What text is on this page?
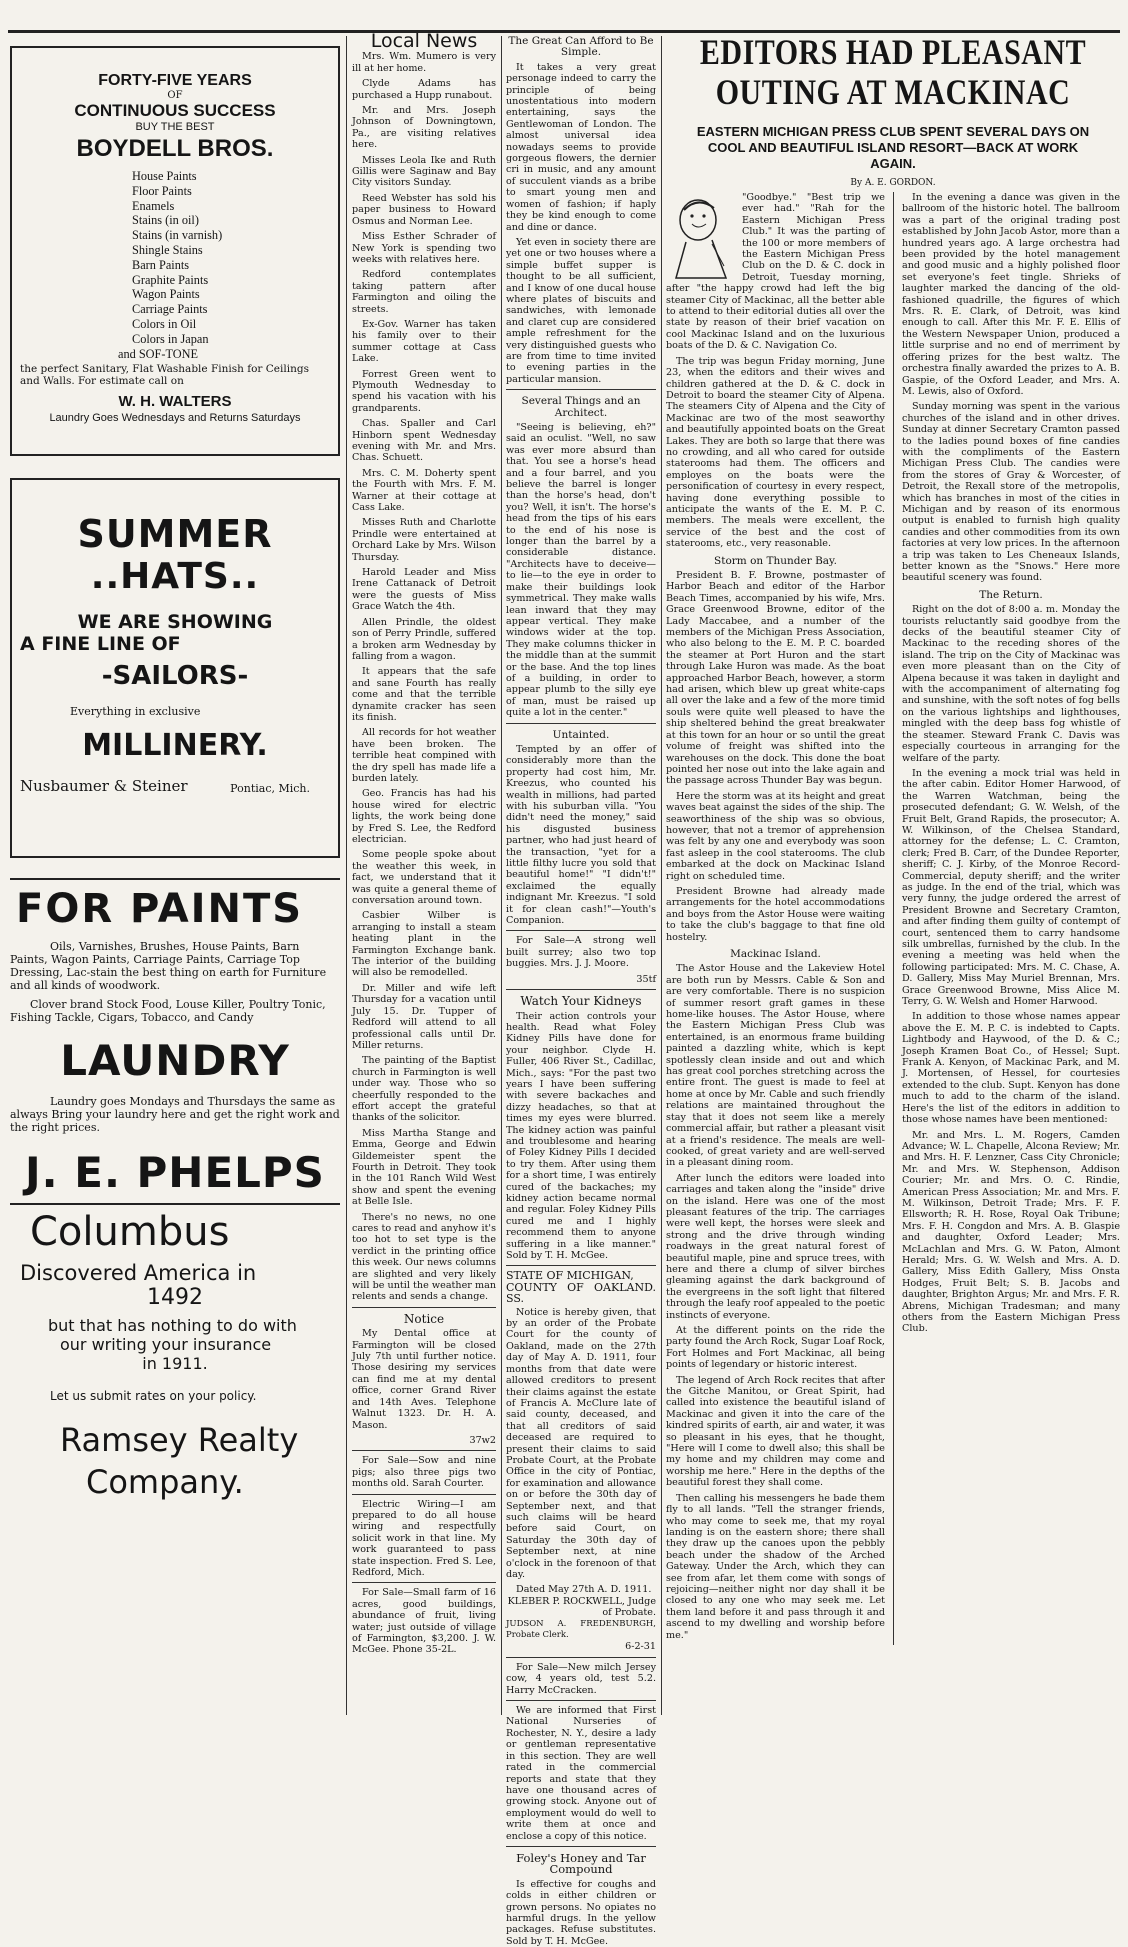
FORTY-FIVE YEARS
OF
CONTINUOUS SUCCESS
BUY THE BEST
BOYDELL BROS.
House Paints
Floor Paints
Enamels
Stains (in oil)
Stains (in varnish)
Shingle Stains
Barn Paints
Graphite Paints
Wagon Paints
Carriage Paints
Colors in Oil
Colors in Japan
and SOF-TONE
the perfect Sanitary, Flat Washable Finish for Ceilings and Walls. For estimate call on
W. H. WALTERS
Laundry Goes Wednesdays and Returns Saturdays
SUMMER
..HATS..
WE ARE SHOWING
A FINE LINE OF
-SAILORS-
Everything in exclusive
MILLINERY.
Nusbaumer & Steiner	Pontiac, Mich.
FOR PAINTS
Oils, Varnishes, Brushes, House Paints, Barn Paints, Wagon Paints, Carriage Paints, Carriage Top Dressing, Lac-stain the best thing on earth for Furniture and all kinds of woodwork.
Clover brand Stock Food, Louse Killer, Poultry Tonic, Fishing Tackle, Cigars, Tobacco, and Candy
LAUNDRY
Laundry goes Mondays and Thursdays the same as always Bring your laundry here and get the right work and the right prices.
J. E. PHELPS
Columbus
Discovered America in
1492
but that has nothing to do with
our writing your insurance
in 1911.
Let us submit rates on your policy.
Ramsey Realty
Company.
Local News

Mrs. Wm. Mumero is very ill at her home.

Clyde Adams has purchased a Hupp runabout.

Mr. and Mrs. Joseph Johnson of Downingtown, Pa., are visiting relatives here.

Misses Leola Ike and Ruth Gillis were Saginaw and Bay City visitors Sunday.

Reed Webster has sold his paper business to Howard Osmus and Norman Lee.

Miss Esther Schrader of New York is spending two weeks with relatives here.

Redford contemplates taking pattern after Farmington and oiling the streets.

Ex-Gov. Warner has taken his family over to their summer cottage at Cass Lake.

Forrest Green went to Plymouth Wednesday to spend his vacation with his grandparents.

Chas. Spaller and Carl Hinborn spent Wednesday evening with Mr. and Mrs. Chas. Schuett.

Mrs. C. M. Doherty spent the Fourth with Mrs. F. M. Warner at their cottage at Cass Lake.

Misses Ruth and Charlotte Prindle were entertained at Orchard Lake by Mrs. Wilson Thursday.

Harold Leader and Miss Irene Cattanack of Detroit were the guests of Miss Grace Watch the 4th.

Allen Prindle, the oldest son of Perry Prindle, suffered a broken arm Wednesday by falling from a wagon.

It appears that the safe and sane Fourth has really come and that the terrible dynamite cracker has seen its finish.

All records for hot weather have been broken. The terrible heat compined with the dry spell has made life a burden lately.

Geo. Francis has had his house wired for electric lights, the work being done by Fred S. Lee, the Redford electrician.

Some people spoke about the weather this week, in fact, we understand that it was quite a general theme of conversation around town.

Casbier Wilber is arranging to install a steam heating plant in the Farmington Exchange bank. The interior of the building will also be remodelled.

Dr. Miller and wife left Thursday for a vacation until July 15. Dr. Tupper of Redford will attend to all professional calls until Dr. Miller returns.

The painting of the Baptist church in Farmington is well under way. Those who so cheerfully responded to the effort accept the grateful thanks of the solicitor.

Miss Martha Stange and Emma, George and Edwin Gildemeister spent the Fourth in Detroit. They took in the 101 Ranch Wild West show and spent the evening at Belle Isle.

There's no news, no one cares to read and anyhow it's too hot to set type is the verdict in the printing office this week. Our news columns are slighted and very likely will be until the weather man relents and sends a change.

Notice

My Dental office at Farmington will be closed July 7th until further notice. Those desiring my services can find me at my dental office, corner Grand River and 14th Aves. Telephone Walnut 1323. Dr. H. A. Mason.

37w2

For Sale—Sow and nine pigs; also three pigs two months old. Sarah Courter.

Electric Wiring—I am prepared to do all house wiring and respectfully solicit work in that line. My work guaranteed to pass state inspection. Fred S. Lee, Redford, Mich.

For Sale—Small farm of 16 acres, good buildings, abundance of fruit, living water; just outside of village of Farmington, $3,200. J. W. McGee. Phone 35-2L.

The Great Can Afford to Be Simple.

It takes a very great personage indeed to carry the principle of being unostentatious into modern entertaining, says the Gentlewoman of London. The almost universal idea nowadays seems to provide gorgeous flowers, the dernier cri in music, and any amount of succulent viands as a bribe to smart young men and women of fashion; if haply they be kind enough to come and dine or dance.

Yet even in society there are yet one or two houses where a simple buffet supper is thought to be all sufficient, and I know of one ducal house where plates of biscuits and sandwiches, with lemonade and claret cup are considered ample refreshment for the very distinguished guests who are from time to time invited to evening parties in the particular mansion.

Several Things and an Architect.

"Seeing is believing, eh?" said an oculist. "Well, no saw was ever more absurd than that. You see a horse's head and a four barrel, and you believe the barrel is longer than the horse's head, don't you? Well, it isn't. The horse's head from the tips of his ears to the end of his nose is longer than the barrel by a considerable distance. "Architects have to deceive—to lie—to the eye in order to make their buildings look symmetrical. They make walls lean inward that they may appear vertical. They make windows wider at the top. They make columns thicker in the middle than at the summit or the base. And the top lines of a building, in order to appear plumb to the silly eye of man, must be raised up quite a lot in the center."

Untainted.

Tempted by an offer of considerably more than the property had cost him, Mr. Kreezus, who counted his wealth in millions, had parted with his suburban villa. "You didn't need the money," said his disgusted business partner, who had just heard of the transaction, "yet for a little filthy lucre you sold that beautiful home!" "I didn't!" exclaimed the equally indignant Mr. Kreezus. "I sold it for clean cash!"—Youth's Companion.

For Sale—A strong well built surrey; also two top buggies. Mrs. J. J. Moore.

35tf
Watch Your Kidneys

Their action controls your health. Read what Foley Kidney Pills have done for your neighbor. Clyde H. Fuller, 406 River St., Cadillac, Mich., says: "For the past two years I have been suffering with severe backaches and dizzy headaches, so that at times my eyes were blurred. The kidney action was painful and troublesome and hearing of Foley Kidney Pills I decided to try them. After using them for a short time, I was entirely cured of the backaches; my kidney action became normal and regular. Foley Kidney Pills cured me and I highly recommend them to anyone suffering in a like manner." Sold by T. H. McGee.

STATE OF MICHIGAN,
COUNTY OF OAKLAND. SS.

Notice is hereby given, that by an order of the Probate Court for the county of Oakland, made on the 27th day of May A. D. 1911, four months from that date were allowed creditors to present their claims against the estate of Francis A. McClure late of said county, deceased, and that all creditors of said deceased are required to present their claims to said Probate Court, at the Probate Office in the city of Pontiac, for examination and allowance on or before the 30th day of September next, and that such claims will be heard before said Court, on Saturday the 30th day of September next, at nine o'clock in the forenoon of that day.

Dated May 27th A. D. 1911.
KLEBER P. ROCKWELL, Judge of Probate.
JUDSON A. FREDENBURGH, Probate Clerk.
6-2-31

For Sale—New milch Jersey cow, 4 years old, test 5.2. Harry McCracken.

We are informed that First National Nurseries of Rochester, N. Y., desire a lady or gentleman representative in this section. They are well rated in the commercial reports and state that they have one thousand acres of growing stock. Anyone out of employment would do well to write them at once and enclose a copy of this notice.

Foley's Honey and Tar Compound

Is effective for coughs and colds in either children or grown persons. No opiates no harmful drugs. In the yellow packages. Refuse substitutes. Sold by T. H. McGee.

EDITORS HAD PLEASANT
OUTING AT MACKINAC
EASTERN MICHIGAN PRESS CLUB SPENT SEVERAL DAYS ON COOL AND BEAUTIFUL ISLAND RESORT—BACK AT WORK AGAIN.
By A. E. GORDON.

"Goodbye." "Best trip we ever had." "Rah for the Eastern Michigan Press Club." It was the parting of the 100 or more members of the Eastern Michigan Press Club on the D. & C. dock in Detroit, Tuesday morning, after "the happy crowd had left the big steamer City of Mackinac, all the better able to attend to their editorial duties all over the state by reason of their brief vacation on cool Mackinac Island and on the luxurious boats of the D. & C. Navigation Co.

The trip was begun Friday morning, June 23, when the editors and their wives and children gathered at the D. & C. dock in Detroit to board the steamer City of Alpena. The steamers City of Alpena and the City of Mackinac are two of the most seaworthy and beautifully appointed boats on the Great Lakes. They are both so large that there was no crowding, and all who cared for outside staterooms had them. The officers and employes on the boats were the personification of courtesy in every respect, having done everything possible to anticipate the wants of the E. M. P. C. members. The meals were excellent, the service of the best and the cost of staterooms, etc., very reasonable.

Storm on Thunder Bay.

President B. F. Browne, postmaster of Harbor Beach and editor of the Harbor Beach Times, accompanied by his wife, Mrs. Grace Greenwood Browne, editor of the Lady Maccabee, and a number of the members of the Michigan Press Association, who also belong to the E. M. P. C. boarded the steamer at Port Huron and the start through Lake Huron was made. As the boat approached Harbor Beach, however, a storm had arisen, which blew up great white-caps all over the lake and a few of the more timid souls were quite well pleased to have the ship sheltered behind the great breakwater at this town for an hour or so until the great volume of freight was shifted into the warehouses on the dock. This done the boat pointed her nose out into the lake again and the passage across Thunder Bay was begun.

Here the storm was at its height and great waves beat against the sides of the ship. The seaworthiness of the ship was so obvious, however, that not a tremor of apprehension was felt by any one and everybody was soon fast asleep in the cool staterooms. The club embarked at the dock on Mackinac Island right on scheduled time.

President Browne had already made arrangements for the hotel accommodations and boys from the Astor House were waiting to take the club's baggage to that fine old hostelry.

Mackinac Island.

The Astor House and the Lakeview Hotel are both run by Messrs. Cable & Son and are very comfortable. There is no suspicion of summer resort graft games in these home-like houses. The Astor House, where the Eastern Michigan Press Club was entertained, is an enormous frame building painted a dazzling white, which is kept spotlessly clean inside and out and which has great cool porches stretching across the entire front. The guest is made to feel at home at once by Mr. Cable and such friendly relations are maintained throughout the stay that it does not seem like a merely commercial affair, but rather a pleasant visit at a friend's residence. The meals are well-cooked, of great variety and are well-served in a pleasant dining room.

After lunch the editors were loaded into carriages and taken along the "inside" drive on the island. Here was one of the most pleasant features of the trip. The carriages were well kept, the horses were sleek and strong and the drive through winding roadways in the great natural forest of beautiful maple, pine and spruce trees, with here and there a clump of silver birches gleaming against the dark background of the evergreens in the soft light that filtered through the leafy roof appealed to the poetic instincts of everyone.

At the different points on the ride the party found the Arch Rock, Sugar Loaf Rock, Fort Holmes and Fort Mackinac, all being points of legendary or historic interest.

The legend of Arch Rock recites that after the Gitche Manitou, or Great Spirit, had called into existence the beautiful island of Mackinac and given it into the care of the kindred spirits of earth, air and water, it was so pleasant in his eyes, that he thought, "Here will I come to dwell also; this shall be my home and my children may come and worship me here." Here in the depths of the beautiful forest they shall come.

Then calling his messengers he bade them fly to all lands. "Tell the stranger friends, who may come to seek me, that my royal landing is on the eastern shore; there shall they draw up the canoes upon the pebbly beach under the shadow of the Arched Gateway. Under the Arch, which they can see from afar, let them come with songs of rejoicing—neither night nor day shall it be closed to any one who may seek me. Let them land before it and pass through it and ascend to my dwelling and worship before me."

In the evening a dance was given in the ballroom of the historic hotel. The ballroom was a part of the original trading post established by John Jacob Astor, more than a hundred years ago. A large orchestra had been provided by the hotel management and good music and a highly polished floor set everyone's feet tingle. Shrieks of laughter marked the dancing of the old-fashioned quadrille, the figures of which Mrs. R. E. Clark, of Detroit, was kind enough to call. After this Mr. F. E. Ellis of the Western Newspaper Union, produced a little surprise and no end of merriment by offering prizes for the best waltz. The orchestra finally awarded the prizes to A. B. Gaspie, of the Oxford Leader, and Mrs. A. M. Lewis, also of Oxford.

Sunday morning was spent in the various churches of the island and in other drives. Sunday at dinner Secretary Cramton passed to the ladies pound boxes of fine candies with the compliments of the Eastern Michigan Press Club. The candies were from the stores of Gray & Worcester, of Detroit, the Rexall store of the metropolis, which has branches in most of the cities in Michigan and by reason of its enormous output is enabled to furnish high quality candies and other commodities from its own factories at very low prices. In the afternoon a trip was taken to Les Cheneaux Islands, better known as the "Snows." Here more beautiful scenery was found.

The Return.

Right on the dot of 8:00 a. m. Monday the tourists reluctantly said goodbye from the decks of the beautiful steamer City of Mackinac to the receding shores of the island. The trip on the City of Mackinac was even more pleasant than on the City of Alpena because it was taken in daylight and with the accompaniment of alternating fog and sunshine, with the soft notes of fog bells on the various lightships and lighthouses, mingled with the deep bass fog whistle of the steamer. Steward Frank C. Davis was especially courteous in arranging for the welfare of the party.

In the evening a mock trial was held in the after cabin. Editor Homer Harwood, of the Warren Watchman, being the prosecuted defendant; G. W. Welsh, of the Fruit Belt, Grand Rapids, the prosecutor; A. W. Wilkinson, of the Chelsea Standard, attorney for the defense; L. C. Cramton, clerk; Fred B. Carr, of the Dundee Reporter, sheriff; C. J. Kirby, of the Monroe Record-Commercial, deputy sheriff; and the writer as judge. In the end of the trial, which was very funny, the judge ordered the arrest of President Browne and Secretary Cramton, and after finding them guilty of contempt of court, sentenced them to carry handsome silk umbrellas, furnished by the club. In the evening a meeting was held when the following participated: Mrs. M. C. Chase, A. D. Gallery, Miss May Muriel Brennan, Mrs. Grace Greenwood Browne, Miss Alice M. Terry, G. W. Welsh and Homer Harwood.

In addition to those whose names appear above the E. M. P. C. is indebted to Capts. Lightbody and Haywood, of the D. & C.; Joseph Kramen Boat Co., of Hessel; Supt. Frank A. Kenyon, of Mackinac Park, and M. J. Mortensen, of Hessel, for courtesies extended to the club. Supt. Kenyon has done much to add to the charm of the island. Here's the list of the editors in addition to those whose names have been mentioned:

Mr. and Mrs. L. M. Rogers, Camden Advance; W. L. Chapelle, Alcona Review; Mr. and Mrs. H. F. Lenzner, Cass City Chronicle; Mr. and Mrs. W. Stephenson, Addison Courier; Mr. and Mrs. O. C. Rindie, American Press Association; Mr. and Mrs. F. M. Wilkinson, Detroit Trade; Mrs. F. F. Ellsworth; R. H. Rose, Royal Oak Tribune; Mrs. F. H. Congdon and Mrs. A. B. Glaspie and daughter, Oxford Leader; Mrs. McLachlan and Mrs. G. W. Paton, Almont Herald; Mrs. G. W. Welsh and Mrs. A. D. Gallery, Miss Edith Gallery, Miss Onsta Hodges, Fruit Belt; S. B. Jacobs and daughter, Brighton Argus; Mr. and Mrs. F. R. Abrens, Michigan Tradesman; and many others from the Eastern Michigan Press Club.
